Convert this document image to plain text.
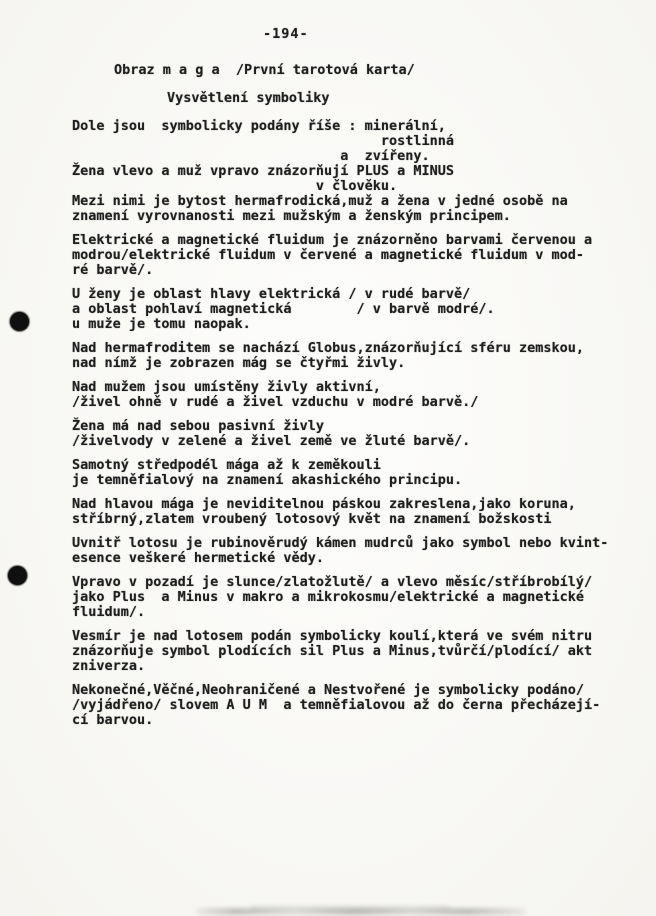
-194-
Obraz m a g a  /První tarotová karta/
Vysvětlení symboliky
Dole jsou  symbolicky podány říše : minerální,
rostlinná
a  zvířeny.
Žena vlevo a muž vpravo znázorňují PLUS a MINUS
v člověku.
Mezi nimi je bytost hermafrodická,muž a žena v jedné osobě na
znamení vyrovnanosti mezi mužským a ženským principem.
Elektrické a magnetické fluidum je znázorněno barvami červenou a
modrou/elektrické fluidum v červené a magnetické fluidum v mod-
ré barvě/.
U ženy je oblast hlavy elektrická / v rudé barvě/
a oblast pohlaví magnetická        / v barvě modré/.
u muže je tomu naopak.
Nad hermafroditem se nachází Globus,znázorňující sféru zemskou,
nad nímž je zobrazen mág se čtyřmi živly.
Nad mužem jsou umístěny živly aktivní,
/živel ohně v rudé a živel vzduchu v modré barvě./
Žena má nad sebou pasivní živly
/živelvody v zelené a živel země ve žluté barvě/.
Samotný středpodél mága až k zeměkouli
je temněfialový na znamení akashického principu.
Nad hlavou mága je neviditelnou páskou zakreslena,jako koruna,
stříbrný,zlatem vroubený lotosový květ na znamení božskosti
Uvnitř lotosu je rubinověrudý kámen mudrců jako symbol nebo kvint-
esence veškeré hermetické vědy.
Vpravo v pozadí je slunce/zlatožlutě/ a vlevo měsíc/stříbrobílý/
jako Plus  a Minus v makro a mikrokosmu/elektrické a magnetické
fluidum/.
Vesmír je nad lotosem podán symbolicky koulí,která ve svém nitru
znázorňuje symbol plodících sil Plus a Minus,tvůrčí/plodící/ akt
zniverza.
Nekonečné,Věčné,Neohraničené a Nestvořené je symbolicky podáno/
/vyjádřeno/ slovem A U M  a temněfialovou až do černa přecházejí-
cí barvou.
